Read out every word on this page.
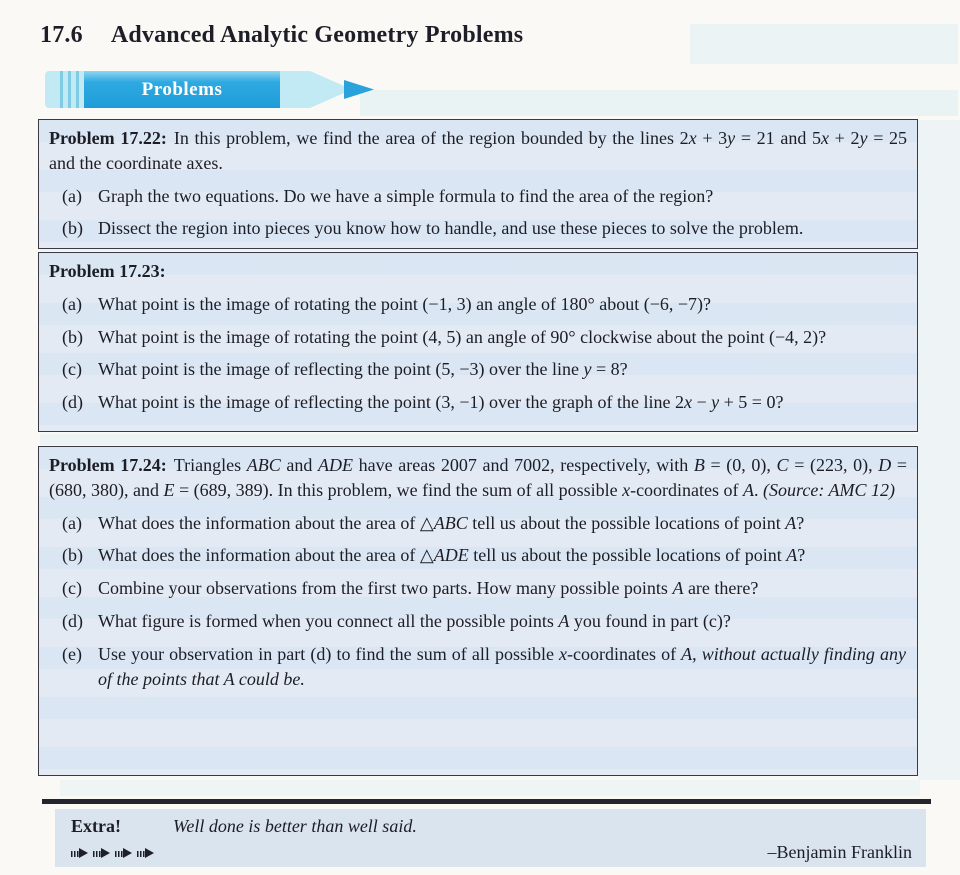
17.6 Advanced Analytic Geometry Problems
Problems

Problem 17.22: In this problem, we find the area of the region bounded by the lines 2x + 3y = 21 and 5x + 2y = 25 and the coordinate axes.

(a) Graph the two equations. Do we have a simple formula to find the area of the region?
(b) Dissect the region into pieces you know how to handle, and use these pieces to solve the problem.

Problem 17.23:

(a) What point is the image of rotating the point (−1, 3) an angle of 180° about (−6, −7)?
(b) What point is the image of rotating the point (4, 5) an angle of 90° clockwise about the point (−4, 2)?
(c) What point is the image of reflecting the point (5, −3) over the line y = 8?
(d) What point is the image of reflecting the point (3, −1) over the graph of the line 2x − y + 5 = 0?

Problem 17.24: Triangles ABC and ADE have areas 2007 and 7002, respectively, with B = (0, 0), C = (223, 0), D = (680, 380), and E = (689, 389). In this problem, we find the sum of all possible x-coordinates of A. (Source: AMC 12)

(a) What does the information about the area of △ABC tell us about the possible locations of point A?
(b) What does the information about the area of △ADE tell us about the possible locations of point A?
(c) Combine your observations from the first two parts. How many possible points A are there?
(d) What figure is formed when you connect all the possible points A you found in part (c)?
(e) Use your observation in part (d) to find the sum of all possible x-coordinates of A, without actually finding any of the points that A could be.
Extra!	Well done is better than well said.
–Benjamin Franklin
